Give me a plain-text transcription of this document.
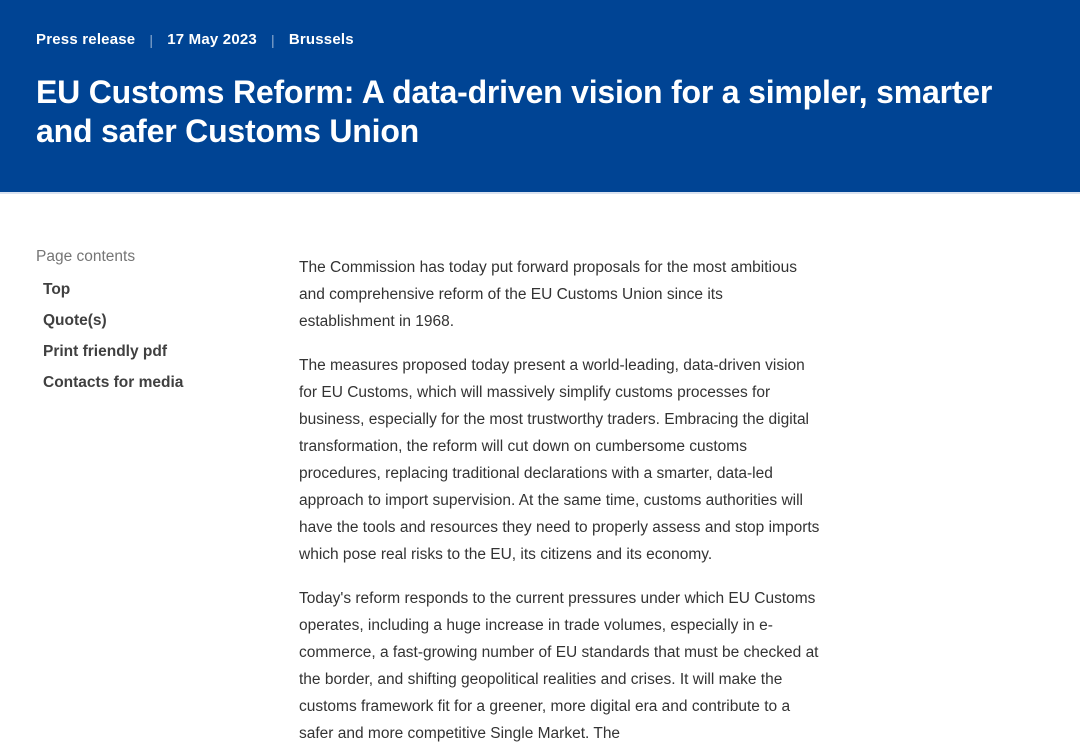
Press release | 17 May 2023 | Brussels
EU Customs Reform: A data-driven vision for a simpler, smarter and safer Customs Union
Page contents
Top
Quote(s)
Print friendly pdf
Contacts for media

The Commission has today put forward proposals for the most ambitious and comprehensive reform of the EU Customs Union since its establishment in 1968.

The measures proposed today present a world-leading, data-driven vision for EU Customs, which will massively simplify customs processes for business, especially for the most trustworthy traders. Embracing the digital transformation, the reform will cut down on cumbersome customs procedures, replacing traditional declarations with a smarter, data-led approach to import supervision. At the same time, customs authorities will have the tools and resources they need to properly assess and stop imports which pose real risks to the EU, its citizens and its economy.

Today's reform responds to the current pressures under which EU Customs operates, including a huge increase in trade volumes, especially in e-commerce, a fast-growing number of EU standards that must be checked at the border, and shifting geopolitical realities and crises. It will make the customs framework fit for a greener, more digital era and contribute to a safer and more competitive Single Market. The
